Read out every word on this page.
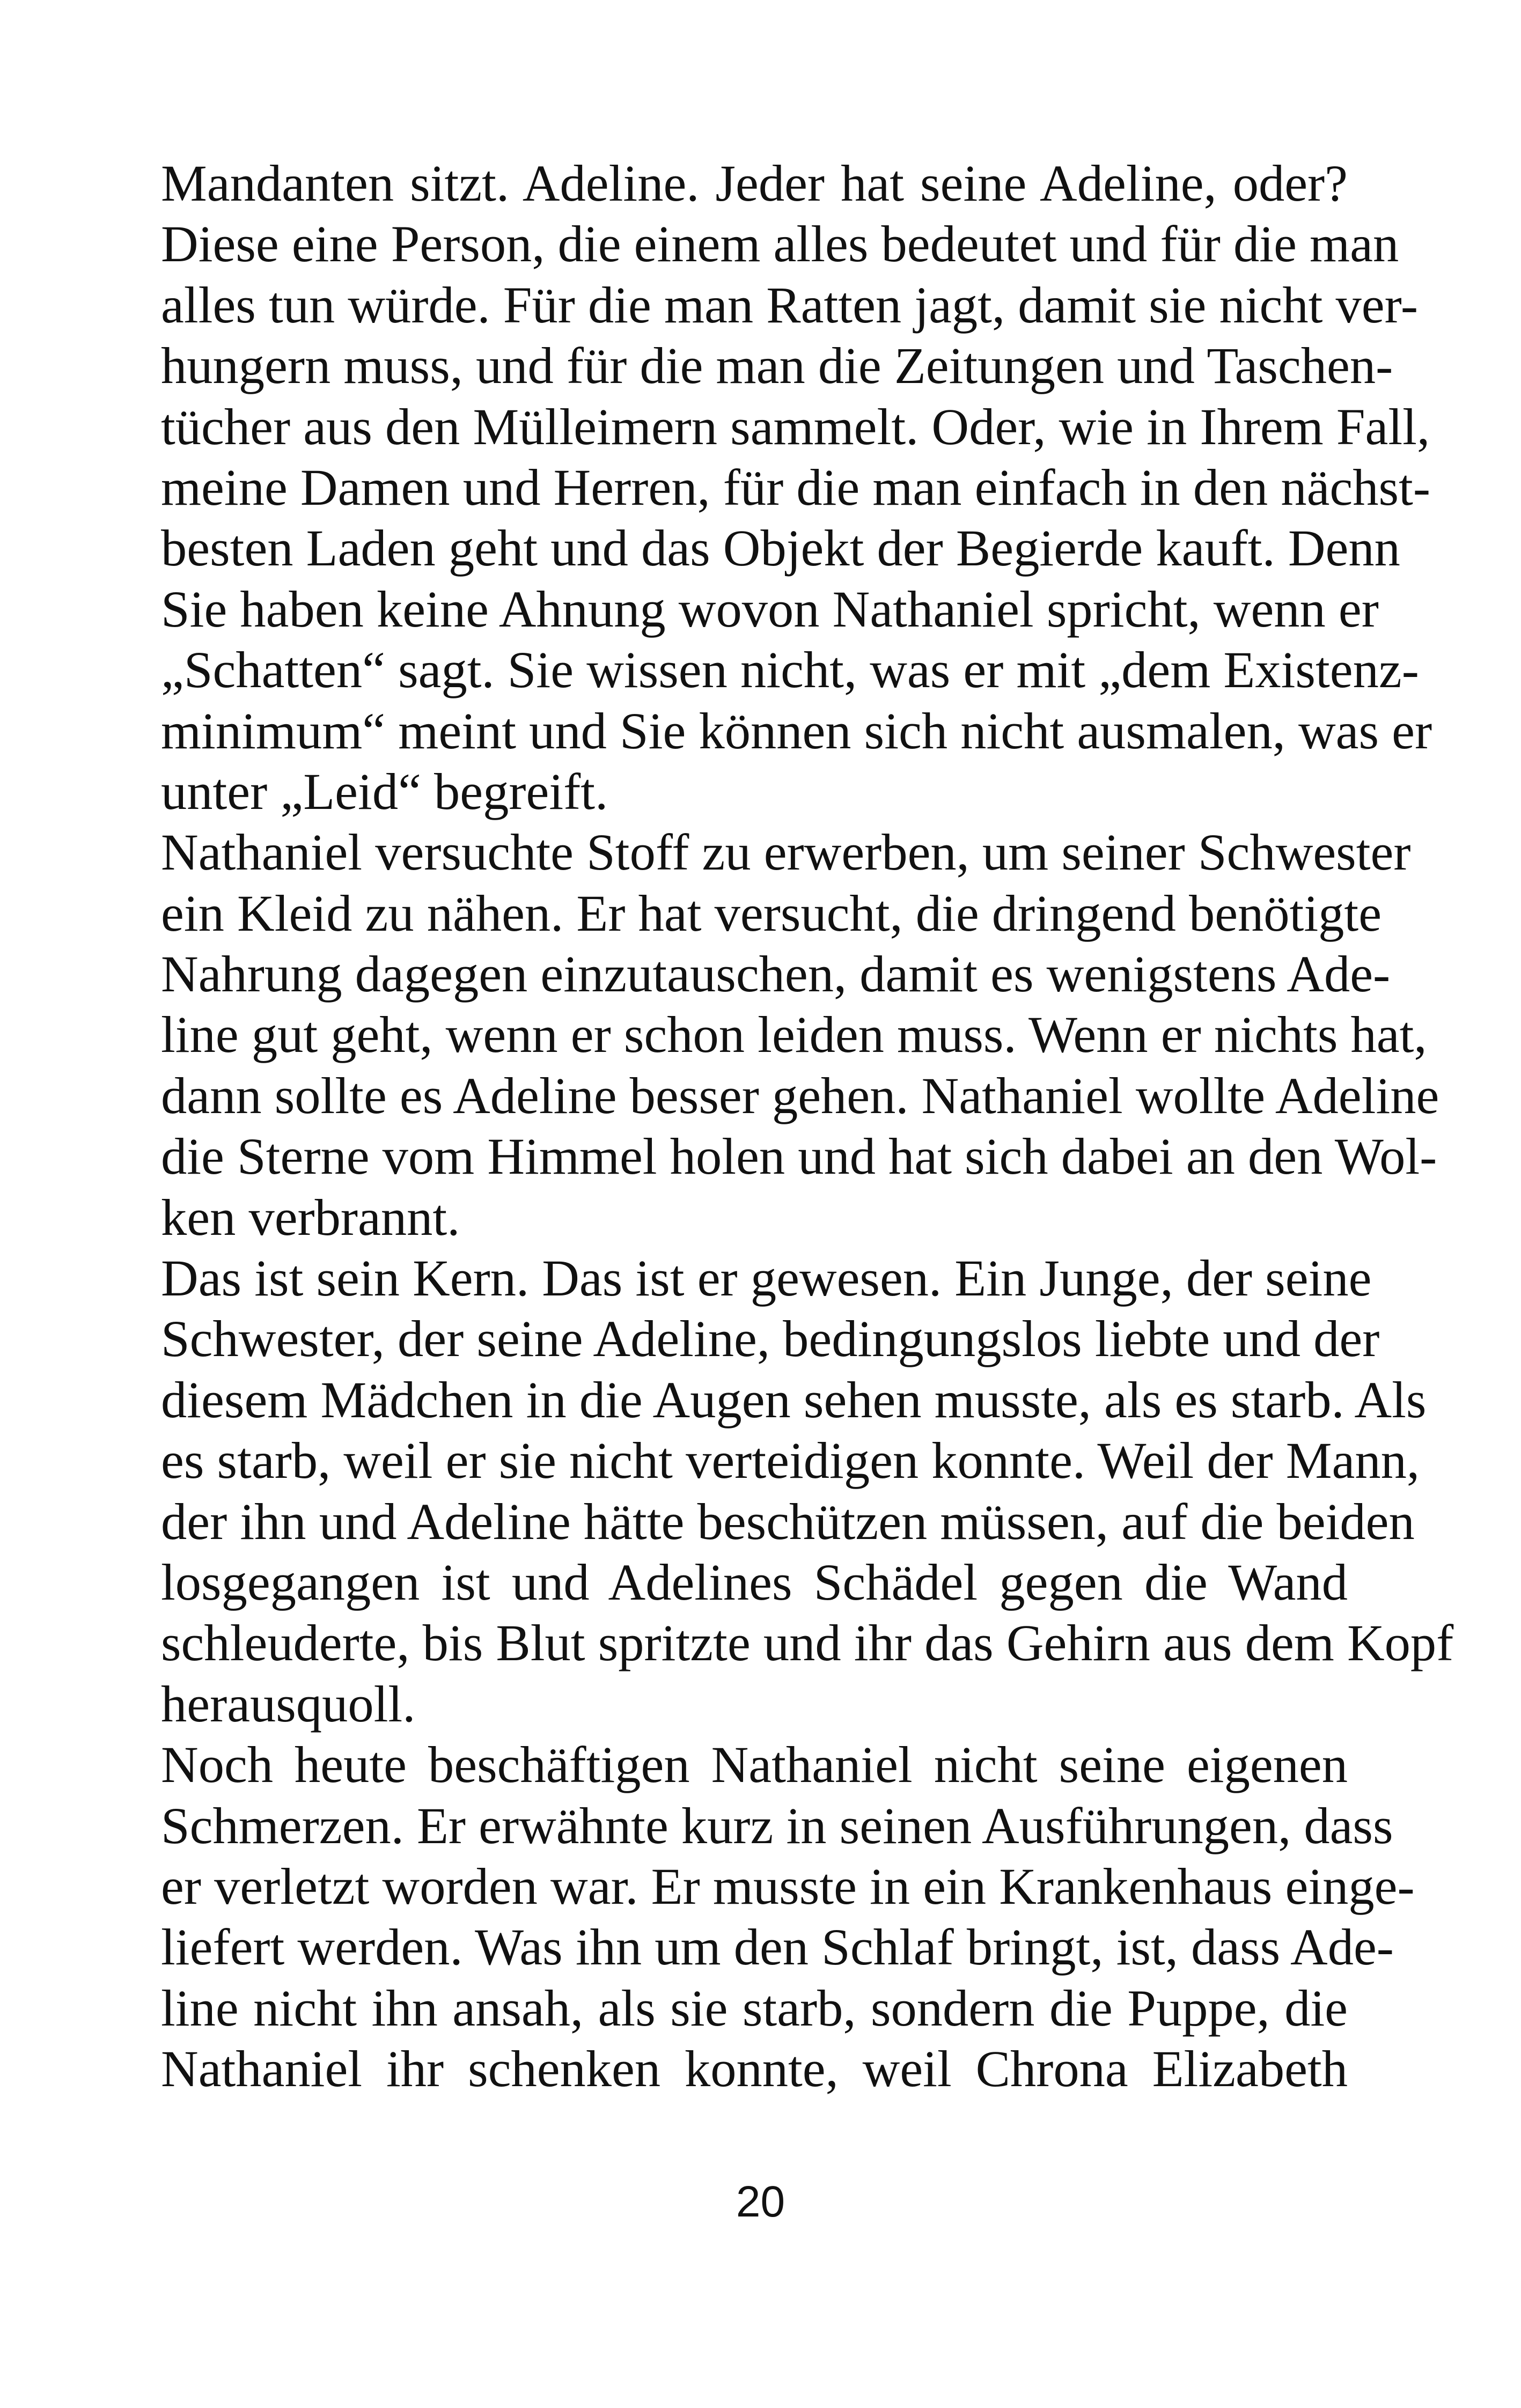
Mandanten sitzt. Adeline. Jeder hat seine Adeline, oder?
Diese eine Person, die einem alles bedeutet und für die man
alles tun würde. Für die man Ratten jagt, damit sie nicht ver-
hungern muss, und für die man die Zeitungen und Taschen-
tücher aus den Mülleimern sammelt. Oder, wie in Ihrem Fall,
meine Damen und Herren, für die man einfach in den nächst-
besten Laden geht und das Objekt der Begierde kauft. Denn
Sie haben keine Ahnung wovon Nathaniel spricht, wenn er
„Schatten“ sagt. Sie wissen nicht, was er mit „dem Existenz-
minimum“ meint und Sie können sich nicht ausmalen, was er
unter „Leid“ begreift.
Nathaniel versuchte Stoff zu erwerben, um seiner Schwester
ein Kleid zu nähen. Er hat versucht, die dringend benötigte
Nahrung dagegen einzutauschen, damit es wenigstens Ade-
line gut geht, wenn er schon leiden muss. Wenn er nichts hat,
dann sollte es Adeline besser gehen. Nathaniel wollte Adeline
die Sterne vom Himmel holen und hat sich dabei an den Wol-
ken verbrannt.
Das ist sein Kern. Das ist er gewesen. Ein Junge, der seine
Schwester, der seine Adeline, bedingungslos liebte und der
diesem Mädchen in die Augen sehen musste, als es starb. Als
es starb, weil er sie nicht verteidigen konnte. Weil der Mann,
der ihn und Adeline hätte beschützen müssen, auf die beiden
losgegangen ist und Adelines Schädel gegen die Wand
schleuderte, bis Blut spritzte und ihr das Gehirn aus dem Kopf
herausquoll.
Noch heute beschäftigen Nathaniel nicht seine eigenen
Schmerzen. Er erwähnte kurz in seinen Ausführungen, dass
er verletzt worden war. Er musste in ein Krankenhaus einge-
liefert werden. Was ihn um den Schlaf bringt, ist, dass Ade-
line nicht ihn ansah, als sie starb, sondern die Puppe, die
Nathaniel ihr schenken konnte, weil Chrona Elizabeth
20
